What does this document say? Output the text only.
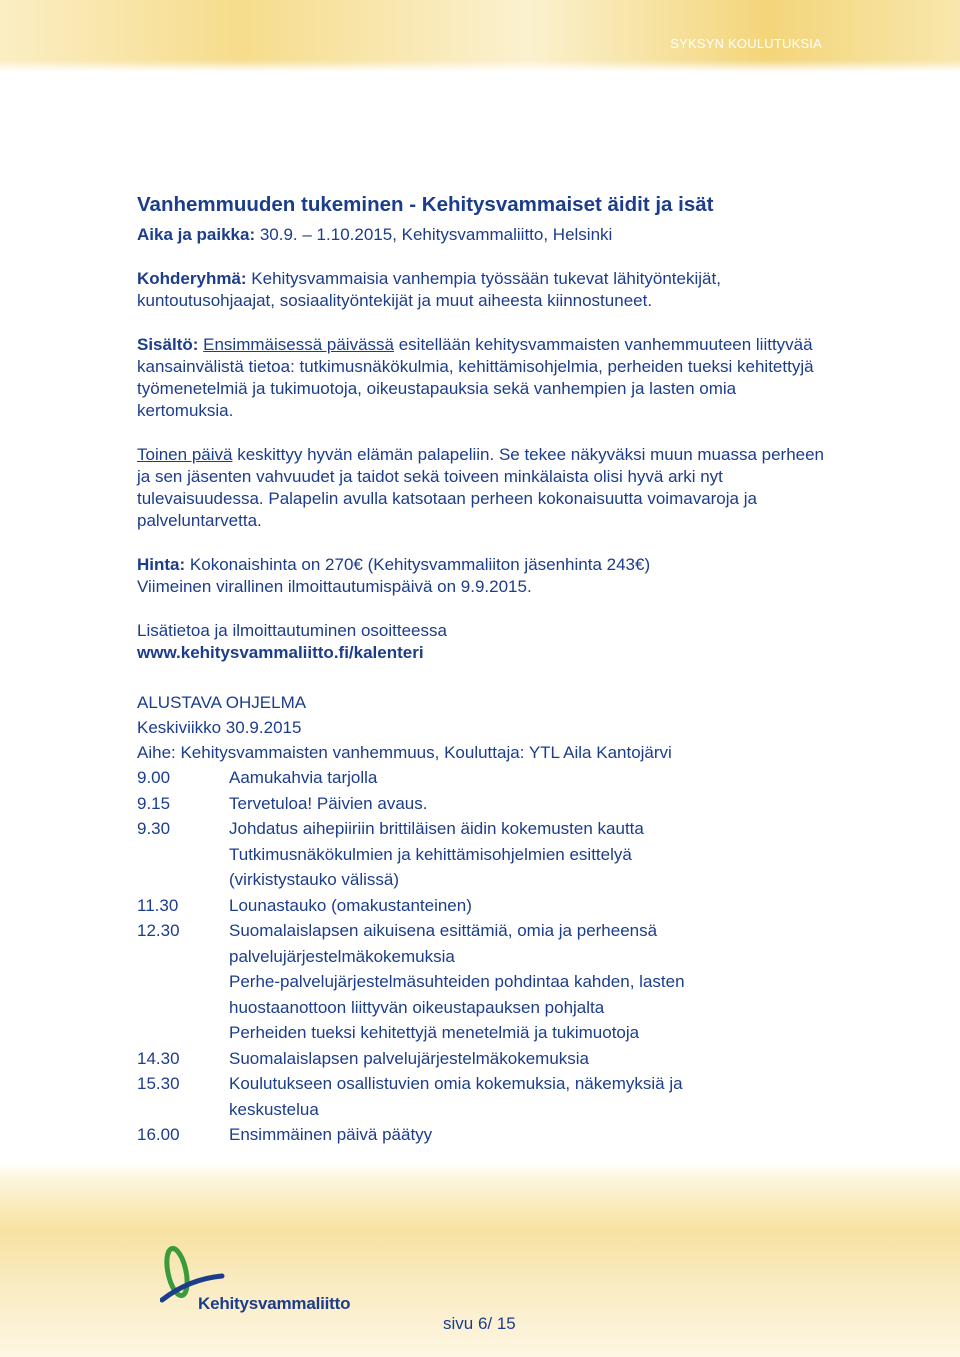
SYKSYN KOULUTUKSIA
Vanhemmuuden tukeminen - Kehitysvammaiset äidit ja isät

Aika ja paikka: 30.9. – 1.10.2015, Kehitysvammaliitto, Helsinki

Kohderyhmä: Kehitysvammaisia vanhempia työssään tukevat lähityöntekijät, kuntoutusohjaajat, sosiaalityöntekijät ja muut aiheesta kiinnostuneet.

Sisältö: Ensimmäisessä päivässä esitellään kehitysvammaisten vanhemmuuteen liittyvää kansainvälistä tietoa: tutkimusnäkökulmia, kehittämisohjelmia, perheiden tueksi kehitettyjä työmenetelmiä ja tukimuotoja, oikeustapauksia sekä vanhempien ja lasten omia kertomuksia.

Toinen päivä keskittyy hyvän elämän palapeliin. Se tekee näkyväksi muun muassa perheen ja sen jäsenten vahvuudet ja taidot sekä toiveen minkälaista olisi hyvä arki nyt tulevaisuudessa. Palapelin avulla katsotaan perheen kokonaisuutta voimavaroja ja palveluntarvetta.

Hinta: Kokonaishinta on 270€ (Kehitysvammaliiton jäsenhinta 243€)

Viimeinen virallinen ilmoittautumispäivä on 9.9.2015.

Lisätietoa ja ilmoittautuminen osoitteessa

www.kehitysvammaliitto.fi/kalenteri

ALUSTAVA OHJELMA
Keskiviikko 30.9.2015
Aihe: Kehitysvammaisten vanhemmuus, Kouluttaja: YTL Aila Kantojärvi
9.00	Aamukahvia tarjolla
9.15	Tervetuloa! Päivien avaus.
9.30	Johdatus aihepiiriin brittiläisen äidin kokemusten kautta
Tutkimusnäkökulmien ja kehittämisohjelmien esittelyä
(virkistystauko välissä)
11.30	Lounastauko (omakustanteinen)
12.30	Suomalaislapsen aikuisena esittämiä, omia ja perheensä
palvelujärjestelmäkokemuksia
Perhe-palvelujärjestelmäsuhteiden pohdintaa kahden, lasten
huostaanottoon liittyvän oikeustapauksen pohjalta
Perheiden tueksi kehitettyjä menetelmiä ja tukimuotoja
14.30	Suomalaislapsen palvelujärjestelmäkokemuksia
15.30	Koulutukseen osallistuvien omia kokemuksia, näkemyksiä ja
keskustelua
16.00	Ensimmäinen päivä päätyy
Kehitysvammaliitto
sivu 6/ 15
